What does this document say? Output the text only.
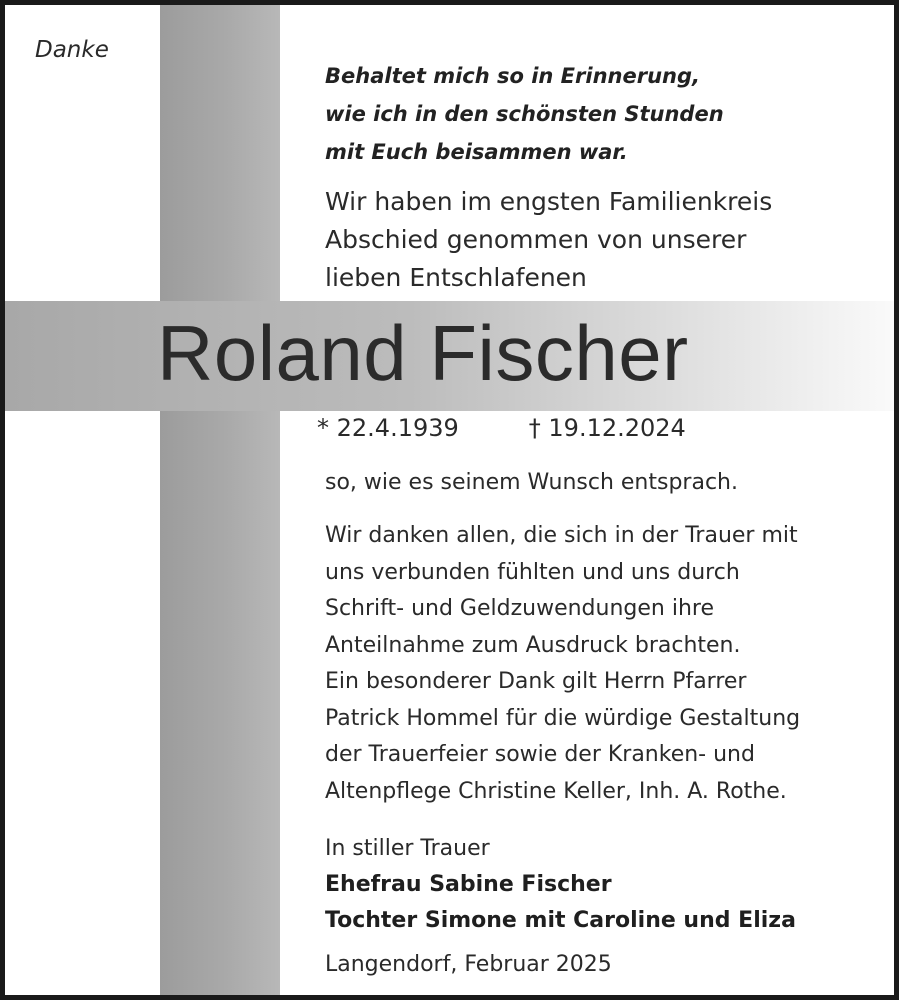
Danke
Behaltet mich so in Erinnerung,
wie ich in den schönsten Stunden
mit Euch beisammen war.
Wir haben im engsten Familienkreis
Abschied genommen von unserer
lieben Entschlafenen
Roland Fischer
* 22.4.1939	† 19.12.2024
so, wie es seinem Wunsch entsprach.
Wir danken allen, die sich in der Trauer mit
uns verbunden fühlten und uns durch
Schrift- und Geldzuwendungen ihre
Anteilnahme zum Ausdruck brachten.
Ein besonderer Dank gilt Herrn Pfarrer
Patrick Hommel für die würdige Gestaltung
der Trauerfeier sowie der Kranken- und
Altenpflege Christine Keller, Inh. A. Rothe.
In stiller Trauer
Ehefrau Sabine Fischer
Tochter Simone mit Caroline und Eliza
Langendorf, Februar 2025
